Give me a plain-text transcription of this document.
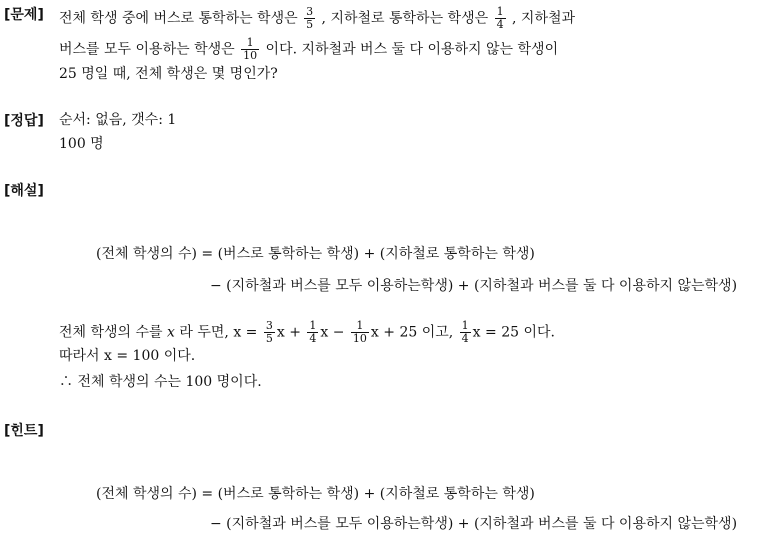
[문제] 전체 학생 중에 버스로 통학하는 학생은 $\frac{3}{5}$ , 지하철로 통학하는 학생은 $\frac{1}{4}$ , 지하철과
버스를 모두 이용하는 학생은 $\frac{1}{10}$ 이다. 지하철과 버스 둘 다 이용하지 않는 학생이
25 명일 때, 전체 학생은 몇 명인가?
[정답] 순서: 없음, 갯수: 1
100 명
[해설]
(전체 학생의 수) = (버스로 통학하는 학생) + (지하철로 통학하는 학생)
− (지하철과 버스를 모두 이용하는학생) + (지하철과 버스를 둘 다 이용하지 않는학생)
전체 학생의 수를 x 라 두면, $x = \frac{3}{5}$ $x + \frac{1}{4}$ $x - \frac{1}{10}$ x + 25 이고, $\frac{1}{4}$ x = 25 이다.
따라서 x = 100 이다.
∴ 전체 학생의 수는 100 명이다.
[힌트]
(전체 학생의 수) = (버스로 통학하는 학생) + (지하철로 통학하는 학생)
− (지하철과 버스를 모두 이용하는학생) + (지하철과 버스를 둘 다 이용하지 않는학생)
